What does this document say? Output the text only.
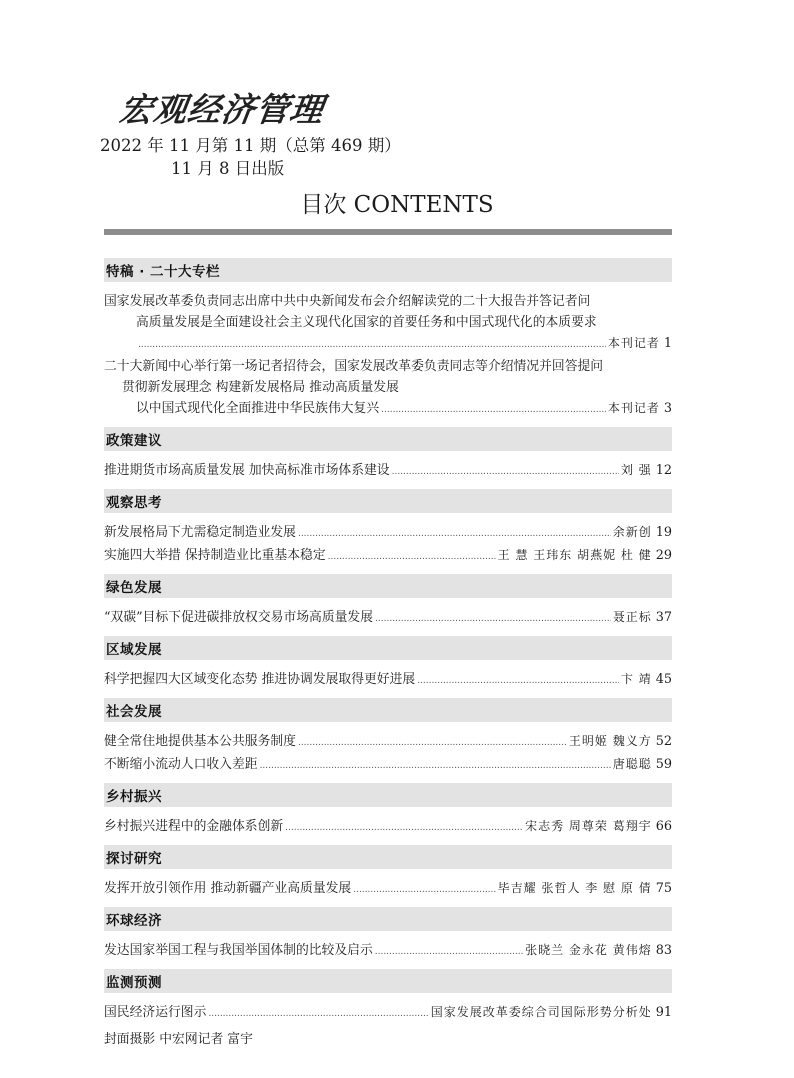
宏观经济管理
2022 年 11 月第 11 期（总第 469 期）
11 月 8 日出版
目次 CONTENTS
特稿 · 二十大专栏
国家发展改革委负责同志出席中共中央新闻发布会介绍解读党的二十大报告并答记者问
高质量发展是全面建设社会主义现代化国家的首要任务和中国式现代化的本质要求
.....
本刊记者 1
二十大新闻中心举行第一场记者招待会，国家发展改革委负责同志等介绍情况并回答提问
贯彻新发展理念 构建新发展格局 推动高质量发展
以中国式现代化全面推进中华民族伟大复兴 .....	本刊记者 3
政策建议
推进期货市场高质量发展 加快高标准市场体系建设 .....	刘 强 12
观察思考
新发展格局下尤需稳定制造业发展 .....	余新创 19
实施四大举措 保持制造业比重基本稳定 .....	王 慧 王玮东 胡燕妮 杜 健 29
绿色发展
“双碳”目标下促进碳排放权交易市场高质量发展 .....	聂正标 37
区域发展
科学把握四大区域变化态势 推进协调发展取得更好进展 .....	卞 靖 45
社会发展
健全常住地提供基本公共服务制度 .....	王明姬 魏义方 52
不断缩小流动人口收入差距 .....	唐聪聪 59
乡村振兴
乡村振兴进程中的金融体系创新 .....	宋志秀 周尊荣 葛翔宇 66
探讨研究
发挥开放引领作用 推动新疆产业高质量发展 .....	毕吉耀 张哲人 李 慰 原 倩 75
环球经济
发达国家举国工程与我国举国体制的比较及启示 .....	张晓兰 金永花 黄伟熔 83
监测预测
国民经济运行图示 .....	国家发展改革委综合司国际形势分析处 91
封面摄影 中宏网记者 富宇
